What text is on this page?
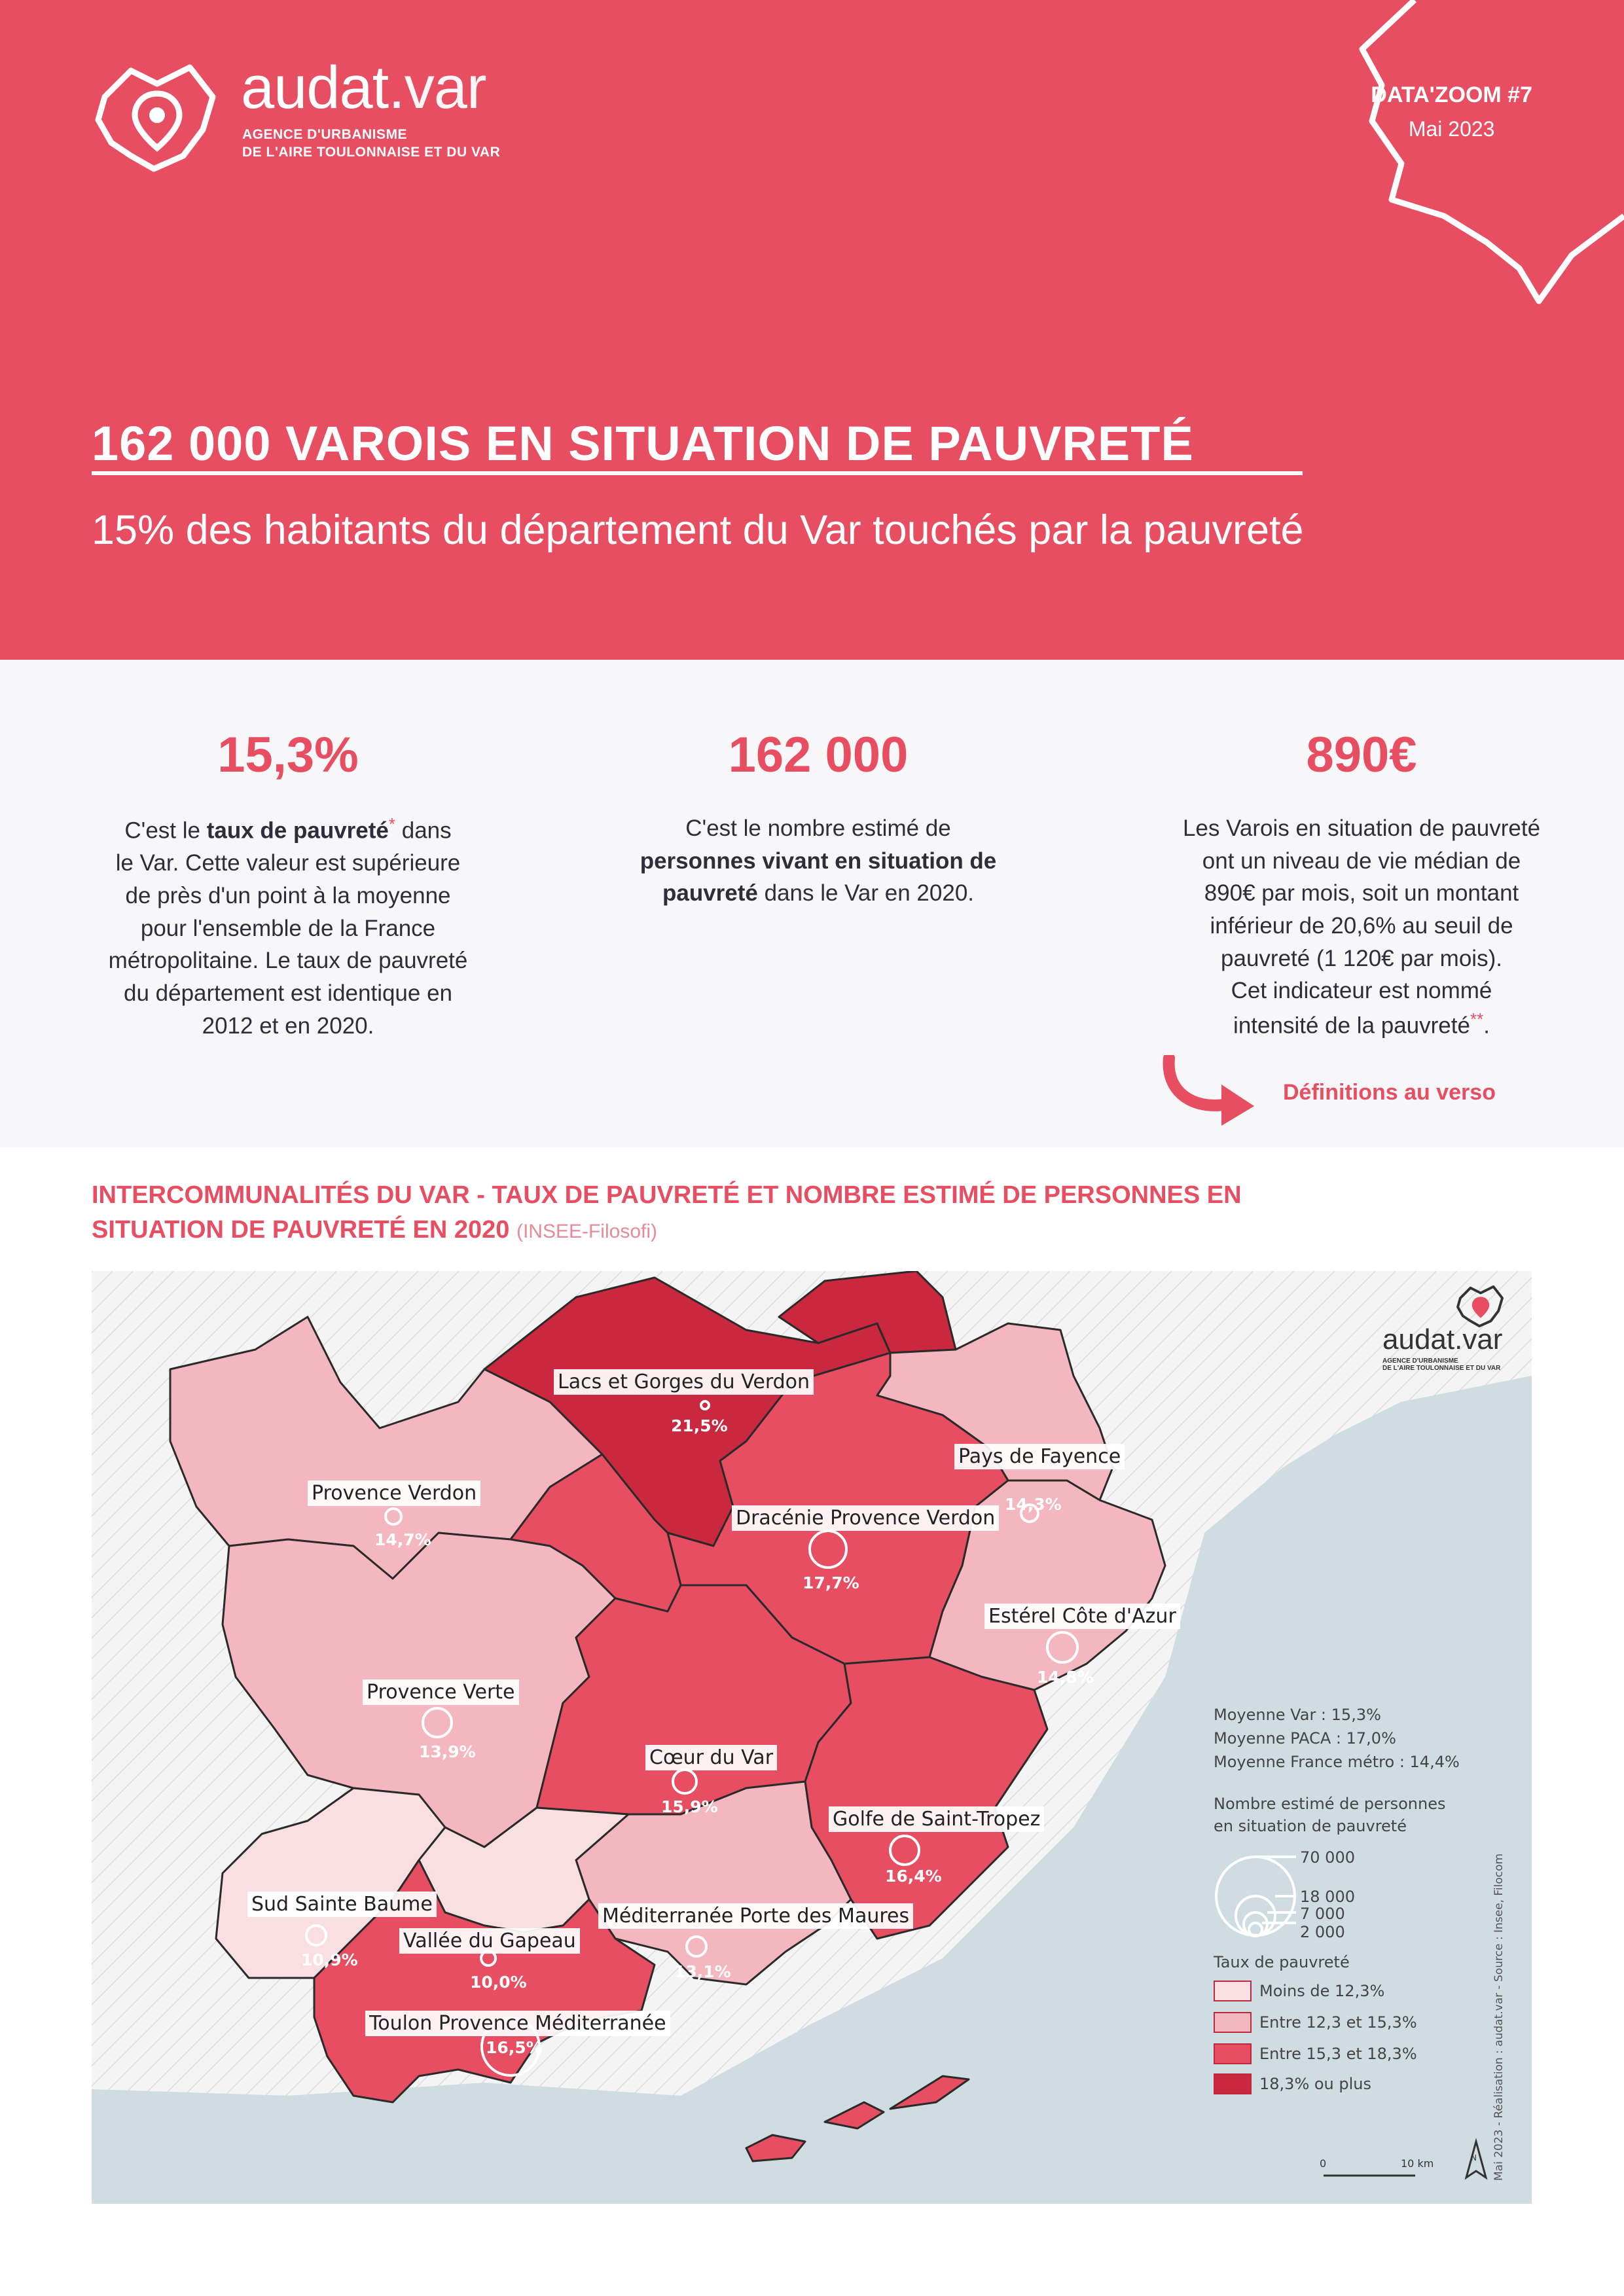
audat.var
AGENCE D'URBANISME
DE L'AIRE TOULONNAISE ET DU VAR
DATA'ZOOM #7
Mai 2023
162 000 VAROIS EN SITUATION DE PAUVRETÉ
15% des habitants du département du Var touchés par la pauvreté
15,3%
C'est le taux de pauvreté* dans
le Var. Cette valeur est supérieure
de près d'un point à la moyenne
pour l'ensemble de la France
métropolitaine. Le taux de pauvreté
du département est identique en
2012 et en 2020.
162 000
C'est le nombre estimé de
personnes vivant en situation de
pauvreté dans le Var en 2020.
890€
Les Varois en situation de pauvreté
ont un niveau de vie médian de
890€ par mois, soit un montant
inférieur de 20,6% au seuil de
pauvreté (1 120€ par mois).
Cet indicateur est nommé
intensité de la pauvreté**.
Définitions au verso
INTERCOMMUNALITÉS DU VAR - TAUX DE PAUVRETÉ ET NOMBRE ESTIMÉ DE PERSONNES EN
SITUATION DE PAUVRETÉ EN 2020 (INSEE-Filosofi)
audat.var
AGENCE D'URBANISME
DE L'AIRE TOULONNAISE ET DU VAR
Lacs et Gorges du Verdon
21,5%
Provence Verdon
14,7%
Pays de Fayence
14,3%
Dracénie Provence Verdon
17,7%
Estérel Côte d'Azur
14,8%
Provence Verte
13,9%	Cœur du Var
15,9%
Golfe de Saint-Tropez
16,4%
Sud Sainte Baume
10,9%
Vallée du Gapeau
10,0%
Méditerranée Porte des Maures
13,1%
Toulon Provence Méditerranée
16,5%
Moyenne Var : 15,3%
Moyenne PACA : 17,0%
Moyenne France métro : 14,4%
Nombre estimé de personnes
en situation de pauvreté
70 000
18 000
7 000
2 000
Taux de pauvreté
Moins de 12,3%
Entre 12,3 et 15,3%
Entre 15,3 et 18,3%
18,3% ou plus
0	10 km	N Mai 2023 - Réalisation : audat.var - Source : Insee, Filocom
